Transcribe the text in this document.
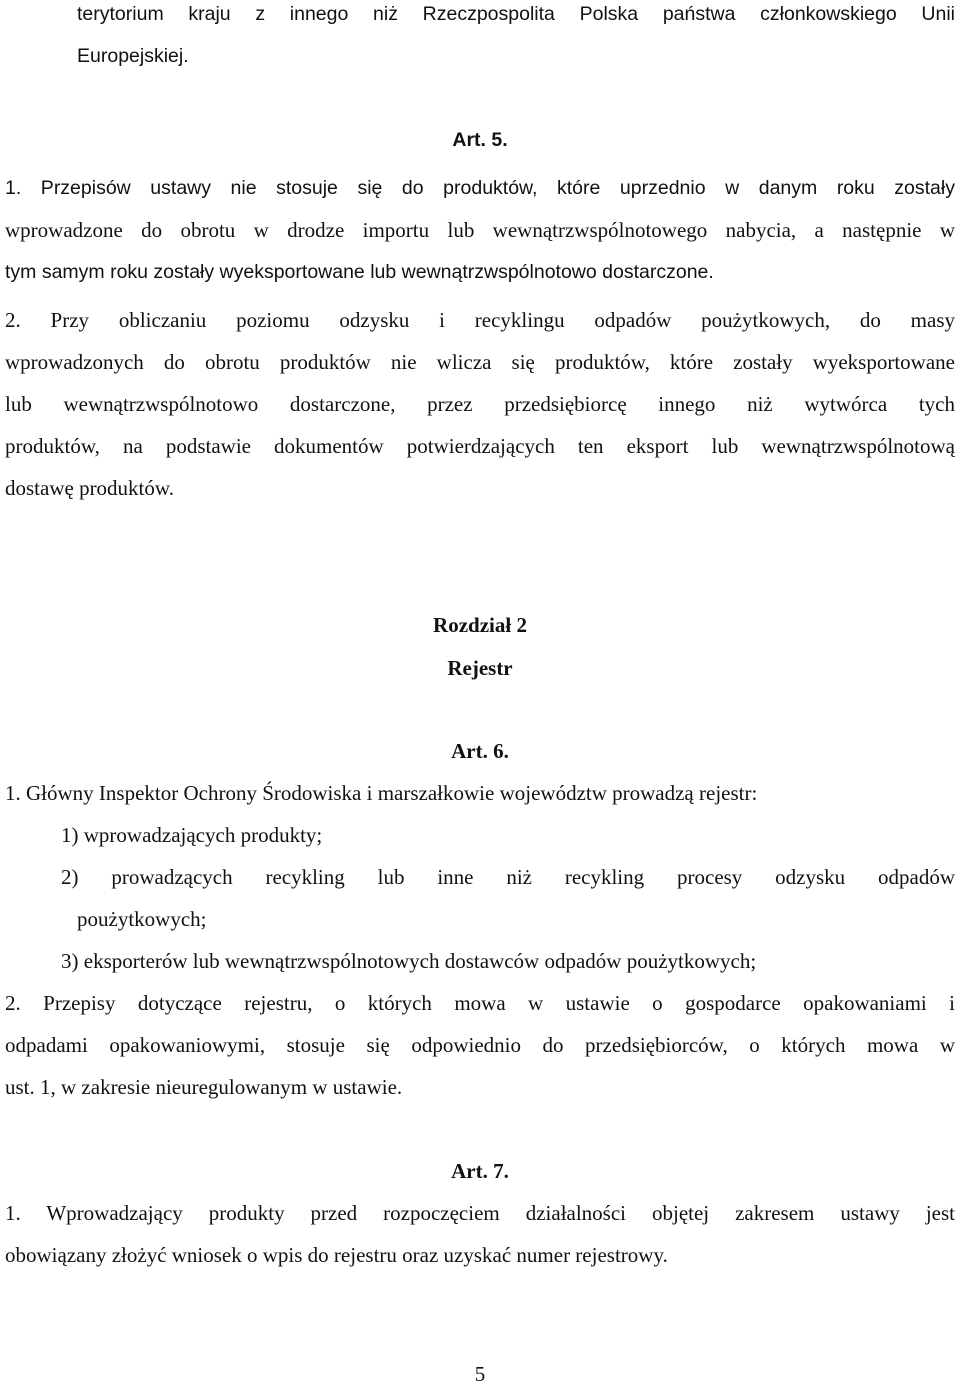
terytorium kraju z innego niż Rzeczpospolita Polska państwa członkowskiego Unii
Europejskiej.
Art. 5.
1. Przepisów ustawy nie stosuje się do produktów, które uprzednio w danym roku zostały
wprowadzone do obrotu w drodze importu lub wewnątrzwspólnotowego nabycia, a następnie w
tym samym roku zostały wyeksportowane lub wewnątrzwspólnotowo dostarczone.
2. Przy obliczaniu poziomu odzysku i recyklingu odpadów poużytkowych, do masy
wprowadzonych do obrotu produktów nie wlicza się produktów, które zostały wyeksportowane
lub wewnątrzwspólnotowo dostarczone, przez przedsiębiorcę innego niż wytwórca tych
produktów, na podstawie dokumentów potwierdzających ten eksport lub wewnątrzwspólnotową
dostawę produktów.
Rozdział 2
Rejestr
Art. 6.
1. Główny Inspektor Ochrony Środowiska i marszałkowie województw prowadzą rejestr:
1) wprowadzających produkty;
2) prowadzących recykling lub inne niż recykling procesy odzysku odpadów
poużytkowych;
3) eksporterów lub wewnątrzwspólnotowych dostawców odpadów poużytkowych;
2. Przepisy dotyczące rejestru, o których mowa w ustawie o gospodarce opakowaniami i
odpadami opakowaniowymi, stosuje się odpowiednio do przedsiębiorców, o których mowa w
ust. 1, w zakresie nieuregulowanym w ustawie.
Art. 7.
1. Wprowadzający produkty przed rozpoczęciem działalności objętej zakresem ustawy jest
obowiązany złożyć wniosek o wpis do rejestru oraz uzyskać numer rejestrowy.
5
